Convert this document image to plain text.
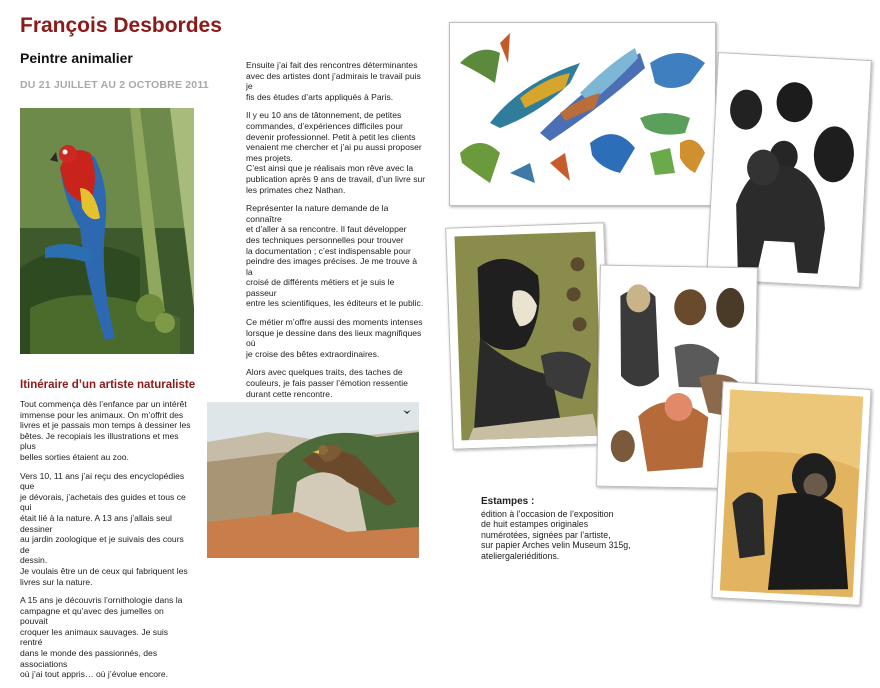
François Desbordes
Peintre animalier
DU 21 JUILLET AU 2 OCTOBRE 2011
Itinéraire d’un artiste naturaliste

Tout commença dès l’enfance par un intérêt
immense pour les animaux. On m’offrit des
livres et je passais mon temps à dessiner les
bêtes. Je recopiais les illustrations et mes plus
belles sorties étaient au zoo.

Vers 10, 11 ans j’ai reçu des encyclopédies que
je dévorais, j’achetais des guides et tous ce qui
était lié à la nature. A 13 ans j’allais seul dessiner
au jardin zoologique et je suivais des cours de
dessin.
Je voulais être un de ceux qui fabriquent les
livres sur la nature.

A 15 ans je découvris l’ornithologie dans la
campagne et qu’avec des jumelles on pouvait
croquer les animaux sauvages. Je suis rentré
dans le monde des passionnés, des associations
où j’ai tout appris… où j’évolue encore.

Ensuite j’ai fait des rencontres déterminantes
avec des artistes dont j’admirais le travail puis je
fis des études d’arts appliqués à Paris.

Il y eu 10 ans de tâtonnement, de petites
commandes, d’expériences difficiles pour
devenir professionnel. Petit à petit les clients
venaient me chercher et j’ai pu aussi proposer
mes projets.
C’est ainsi que je réalisais mon rêve avec la
publication après 9 ans de travail, d’un livre sur
les primates chez Nathan.

Représenter la nature demande de la connaître
et d’aller à sa rencontre. Il faut développer
des techniques personnelles pour trouver
la documentation ; c’est indispensable pour
peindre des images précises. Je me trouve à la
croisé de différents métiers et je suis le passeur
entre les scientifiques, les éditeurs et le public.

Ce métier m’offre aussi des moments intenses
lorsque je dessine dans des lieux magnifiques
où
je croise des bêtes extraordinaires.

Alors avec quelques traits, des taches de
couleurs, je fais passer l’émotion ressentie
durant cette rencontre.

Estampes :
édition à l’occasion de l’exposition
de huit estampes originales
numérotées, signées par l’artiste,
sur papier Arches velin Museum 315g,
ateliergaleriéditions.
